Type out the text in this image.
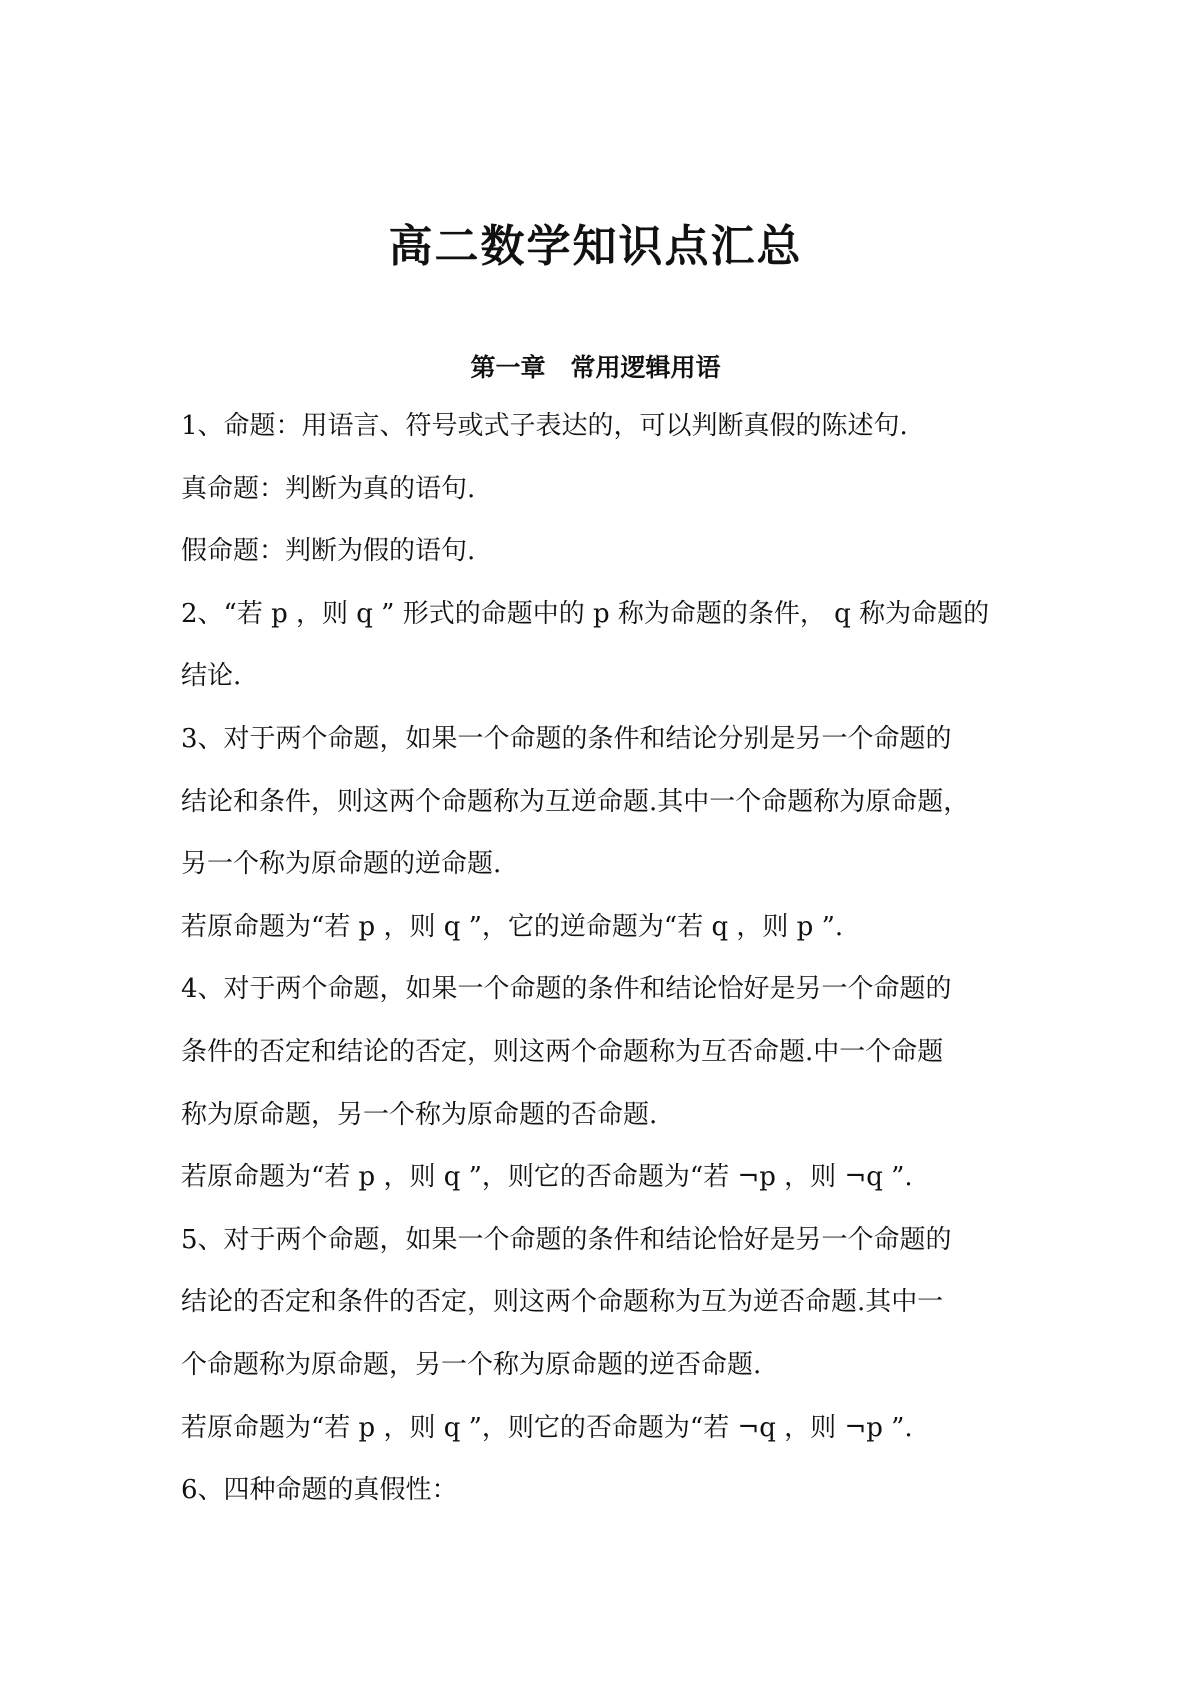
高二数学知识点汇总
第一章　常用逻辑用语
1、命题：用语言、符号或式子表达的，可以判断真假的陈述句.
真命题：判断为真的语句.
假命题：判断为假的语句.
2、“若 p ，则 q ” 形式的命题中的 p 称为命题的条件， q 称为命题的
结论.
3、对于两个命题，如果一个命题的条件和结论分别是另一个命题的
结论和条件，则这两个命题称为互逆命题.其中一个命题称为原命题，
另一个称为原命题的逆命题.
若原命题为“若 p ，则 q ”，它的逆命题为“若 q ，则 p ”.
4、对于两个命题，如果一个命题的条件和结论恰好是另一个命题的
条件的否定和结论的否定，则这两个命题称为互否命题.中一个命题
称为原命题，另一个称为原命题的否命题.
若原命题为“若 p ，则 q ”，则它的否命题为“若 ¬p ，则 ¬q ”.
5、对于两个命题，如果一个命题的条件和结论恰好是另一个命题的
结论的否定和条件的否定，则这两个命题称为互为逆否命题.其中一
个命题称为原命题，另一个称为原命题的逆否命题.
若原命题为“若 p ，则 q ”，则它的否命题为“若 ¬q ，则 ¬p ”.
6、四种命题的真假性：
